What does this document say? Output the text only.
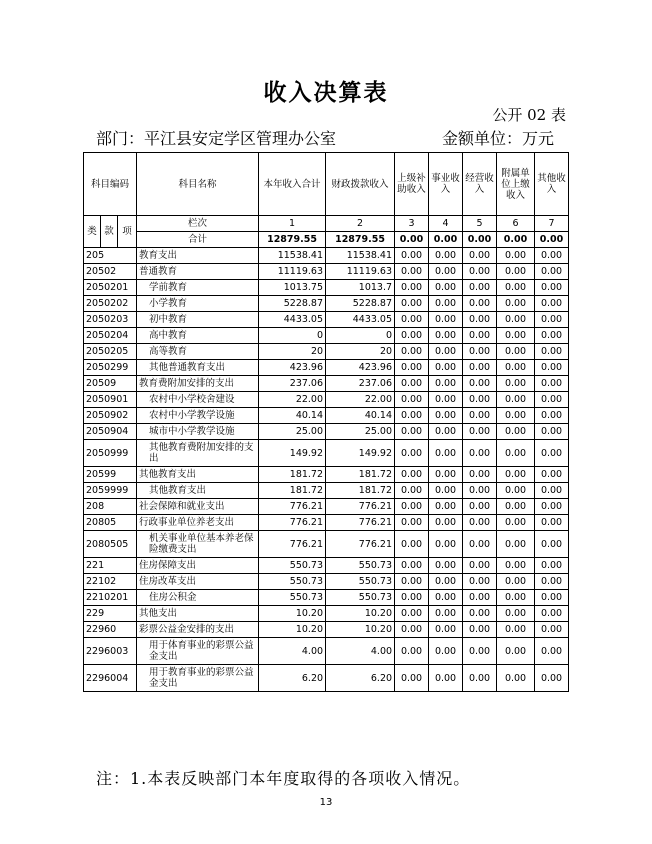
收入决算表
公开 02 表
部门：平江县安定学区管理办公室	金额单位：万元
科目编码			科目名称	本年收入合计	财政拨款收入	上级补助收入	事业收入	经营收入	附属单位上缴收入	其他收入
类	款	项	栏次	1	2	3	4	5	6	7
			合计	12879.55	12879.55	0.00	0.00	0.00	0.00	0.00
205			教育支出	11538.41	11538.41	0.00	0.00	0.00	0.00	0.00
20502			普通教育	11119.63	11119.63	0.00	0.00	0.00	0.00	0.00
2050201			学前教育	1013.75	1013.7	0.00	0.00	0.00	0.00	0.00
2050202			小学教育	5228.87	5228.87	0.00	0.00	0.00	0.00	0.00
2050203			初中教育	4433.05	4433.05	0.00	0.00	0.00	0.00	0.00
2050204			高中教育	0	0	0.00	0.00	0.00	0.00	0.00
2050205			高等教育	20	20	0.00	0.00	0.00	0.00	0.00
2050299			其他普通教育支出	423.96	423.96	0.00	0.00	0.00	0.00	0.00
20509			教育费附加安排的支出	237.06	237.06	0.00	0.00	0.00	0.00	0.00
2050901			农村中小学校舍建设	22.00	22.00	0.00	0.00	0.00	0.00	0.00
2050902			农村中小学教学设施	40.14	40.14	0.00	0.00	0.00	0.00	0.00
2050904			城市中小学教学设施	25.00	25.00	0.00	0.00	0.00	0.00	0.00
2050999			其他教育费附加安排的支出	149.92	149.92	0.00	0.00	0.00	0.00	0.00
20599			其他教育支出	181.72	181.72	0.00	0.00	0.00	0.00	0.00
2059999			其他教育支出	181.72	181.72	0.00	0.00	0.00	0.00	0.00
208			社会保障和就业支出	776.21	776.21	0.00	0.00	0.00	0.00	0.00
20805			行政事业单位养老支出	776.21	776.21	0.00	0.00	0.00	0.00	0.00
2080505			机关事业单位基本养老保险缴费支出	776.21	776.21	0.00	0.00	0.00	0.00	0.00
221			住房保障支出	550.73	550.73	0.00	0.00	0.00	0.00	0.00
22102			住房改革支出	550.73	550.73	0.00	0.00	0.00	0.00	0.00
2210201			住房公积金	550.73	550.73	0.00	0.00	0.00	0.00	0.00
229			其他支出	10.20	10.20	0.00	0.00	0.00	0.00	0.00
22960			彩票公益金安排的支出	10.20	10.20	0.00	0.00	0.00	0.00	0.00
2296003			用于体育事业的彩票公益金支出	4.00	4.00	0.00	0.00	0.00	0.00	0.00
2296004			用于教育事业的彩票公益金支出	6.20	6.20	0.00	0.00	0.00	0.00	0.00
注：1.本表反映部门本年度取得的各项收入情况。
13
